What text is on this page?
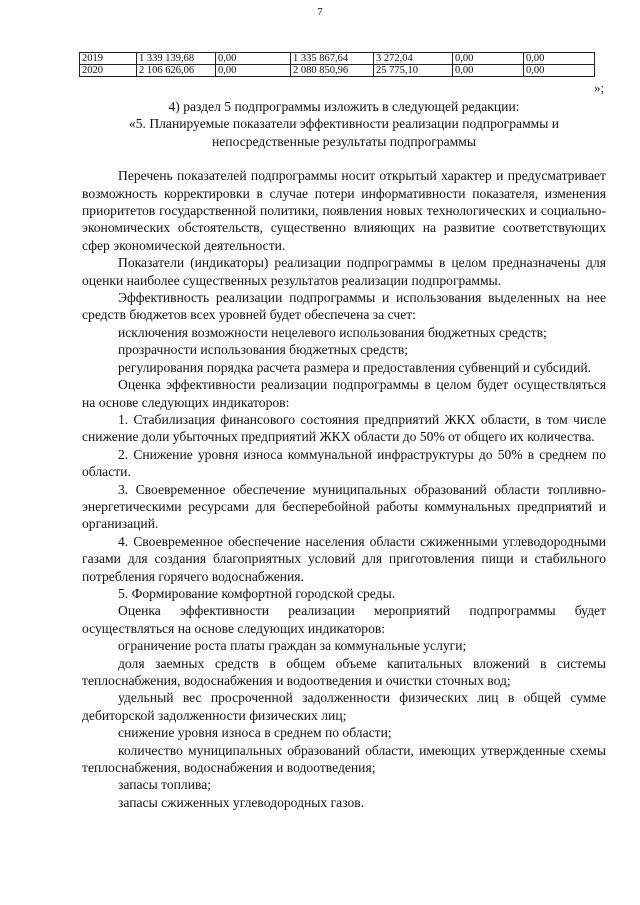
7
2019	1 339 139,68	0,00	1 335 867,64	3 272,04	0,00	0,00
2020	2 106 626,06	0,00	2 080 850,96	25 775,10	0,00	0,00
»;

4) раздел 5 подпрограммы изложить в следующей редакции:

«5. Планируемые показатели эффективности реализации подпрограммы и непосредственные результаты подпрограммы

Перечень показателей подпрограммы носит открытый характер и предусматривает возможность корректировки в случае потери информативности показателя, изменения приоритетов государственной политики, появления новых технологических и социально-экономических обстоятельств, существенно влияющих на развитие соответствующих сфер экономической деятельности.

Показатели (индикаторы) реализации подпрограммы в целом предназначены для оценки наиболее существенных результатов реализации подпрограммы.

Эффективность реализации подпрограммы и использования выделенных на нее средств бюджетов всех уровней будет обеспечена за счет:

исключения возможности нецелевого использования бюджетных средств;

прозрачности использования бюджетных средств;

регулирования порядка расчета размера и предоставления субвенций и субсидий.

Оценка эффективности реализации подпрограммы в целом будет осуществляться на основе следующих индикаторов:

1. Стабилизация финансового состояния предприятий ЖКХ области, в том числе снижение доли убыточных предприятий ЖКХ области до 50% от общего их количества.

2. Снижение уровня износа коммунальной инфраструктуры до 50% в среднем по области.

3. Своевременное обеспечение муниципальных образований области топливно-энергетическими ресурсами для бесперебойной работы коммунальных предприятий и организаций.

4. Своевременное обеспечение населения области сжиженными углеводородными газами для создания благоприятных условий для приготовления пищи и стабильного потребления горячего водоснабжения.

5. Формирование комфортной городской среды.

Оценка эффективности реализации мероприятий подпрограммы будет осуществляться на основе следующих индикаторов:

ограничение роста платы граждан за коммунальные услуги;

доля заемных средств в общем объеме капитальных вложений в системы теплоснабжения, водоснабжения и водоотведения и очистки сточных вод;

удельный вес просроченной задолженности физических лиц в общей сумме дебиторской задолженности физических лиц;

снижение уровня износа в среднем по области;

количество муниципальных образований области, имеющих утвержденные схемы теплоснабжения, водоснабжения и водоотведения;

запасы топлива;

запасы сжиженных углеводородных газов.
